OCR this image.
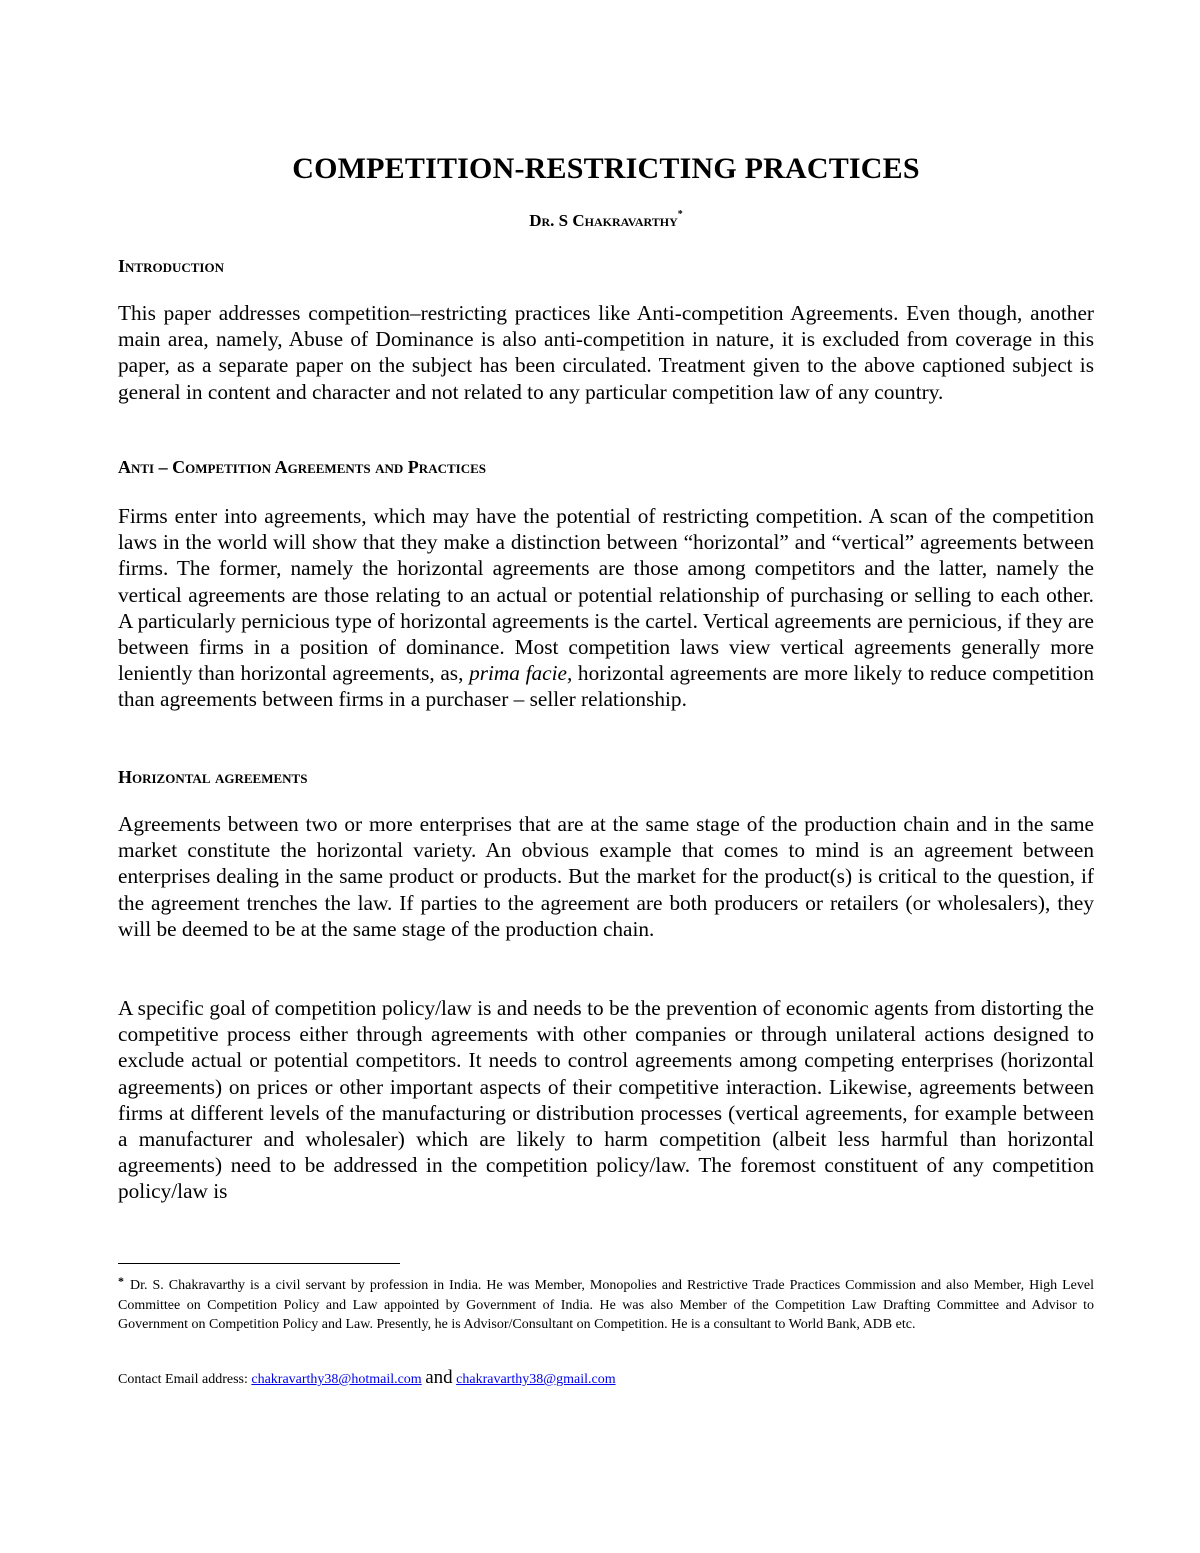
COMPETITION-RESTRICTING PRACTICES
Dr. S Chakravarthy*
Introduction

This paper addresses competition–restricting practices like Anti-competition Agreements. Even though, another main area, namely, Abuse of Dominance is also anti-competition in nature, it is excluded from coverage in this paper, as a separate paper on the subject has been circulated. Treatment given to the above captioned subject is general in content and character and not related to any particular competition law of any country.

Anti – Competition Agreements and Practices

Firms enter into agreements, which may have the potential of restricting competition. A scan of the competition laws in the world will show that they make a distinction between “horizontal” and “vertical” agreements between firms. The former, namely the horizontal agreements are those among competitors and the latter, namely the vertical agreements are those relating to an actual or potential relationship of purchasing or selling to each other. A particularly pernicious type of horizontal agreements is the cartel. Vertical agreements are pernicious, if they are between firms in a position of dominance. Most competition laws view vertical agreements generally more leniently than horizontal agreements, as, prima facie, horizontal agreements are more likely to reduce competition than agreements between firms in a purchaser – seller relationship.

Horizontal agreements

Agreements between two or more enterprises that are at the same stage of the production chain and in the same market constitute the horizontal variety. An obvious example that comes to mind is an agreement between enterprises dealing in the same product or products. But the market for the product(s) is critical to the question, if the agreement trenches the law. If parties to the agreement are both producers or retailers (or wholesalers), they will be deemed to be at the same stage of the production chain.

A specific goal of competition policy/law is and needs to be the prevention of economic agents from distorting the competitive process either through agreements with other companies or through unilateral actions designed to exclude actual or potential competitors. It needs to control agreements among competing enterprises (horizontal agreements) on prices or other important aspects of their competitive interaction. Likewise, agreements between firms at different levels of the manufacturing or distribution processes (vertical agreements, for example between a manufacturer and wholesaler) which are likely to harm competition (albeit less harmful than horizontal agreements) need to be addressed in the competition policy/law. The foremost constituent of any competition policy/law is

* Dr. S. Chakravarthy is a civil servant by profession in India. He was Member, Monopolies and Restrictive Trade Practices Commission and also Member, High Level Committee on Competition Policy and Law appointed by Government of India. He was also Member of the Competition Law Drafting Committee and Advisor to Government on Competition Policy and Law. Presently, he is Advisor/Consultant on Competition. He is a consultant to World Bank, ADB etc.

Contact Email address: chakravarthy38@hotmail.com and chakravarthy38@gmail.com
